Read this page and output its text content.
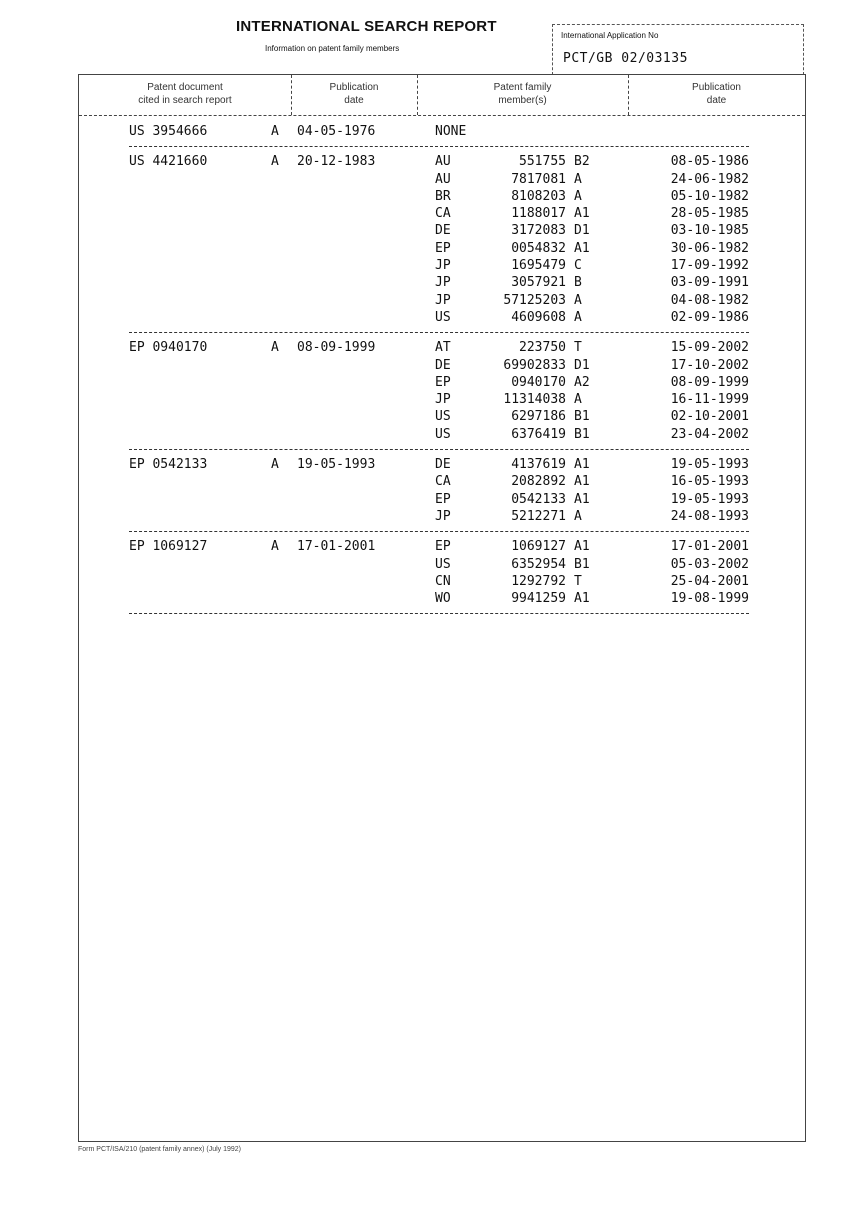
INTERNATIONAL SEARCH REPORT
Information on patent family members
International Application No
PCT/GB 02/03135
Patent document
cited in search report
Publication
date
Patent family
member(s)
Publication
date
US 3954666	A 04-05-1976	NONE
US 4421660	A 20-12-1983	AU	551755 B2	08-05-1986
AU	7817081 A	24-06-1982
BR	8108203 A	05-10-1982
CA	1188017 A1	28-05-1985
DE	3172083 D1	03-10-1985
EP	0054832 A1	30-06-1982
JP	1695479 C	17-09-1992
JP	3057921 B	03-09-1991
JP	57125203 A	04-08-1982
US	4609608 A	02-09-1986
EP 0940170	A 08-09-1999	AT	223750 T	15-09-2002
DE	69902833 D1	17-10-2002
EP	0940170 A2	08-09-1999
JP	11314038 A	16-11-1999
US	6297186 B1	02-10-2001
US	6376419 B1	23-04-2002
EP 0542133	A 19-05-1993	DE	4137619 A1	19-05-1993
CA	2082892 A1	16-05-1993
EP	0542133 A1	19-05-1993
JP	5212271 A	24-08-1993
EP 1069127	A 17-01-2001	EP	1069127 A1	17-01-2001
US	6352954 B1	05-03-2002
CN	1292792 T	25-04-2001
WO	9941259 A1	19-08-1999
Form PCT/ISA/210 (patent family annex) (July 1992)
